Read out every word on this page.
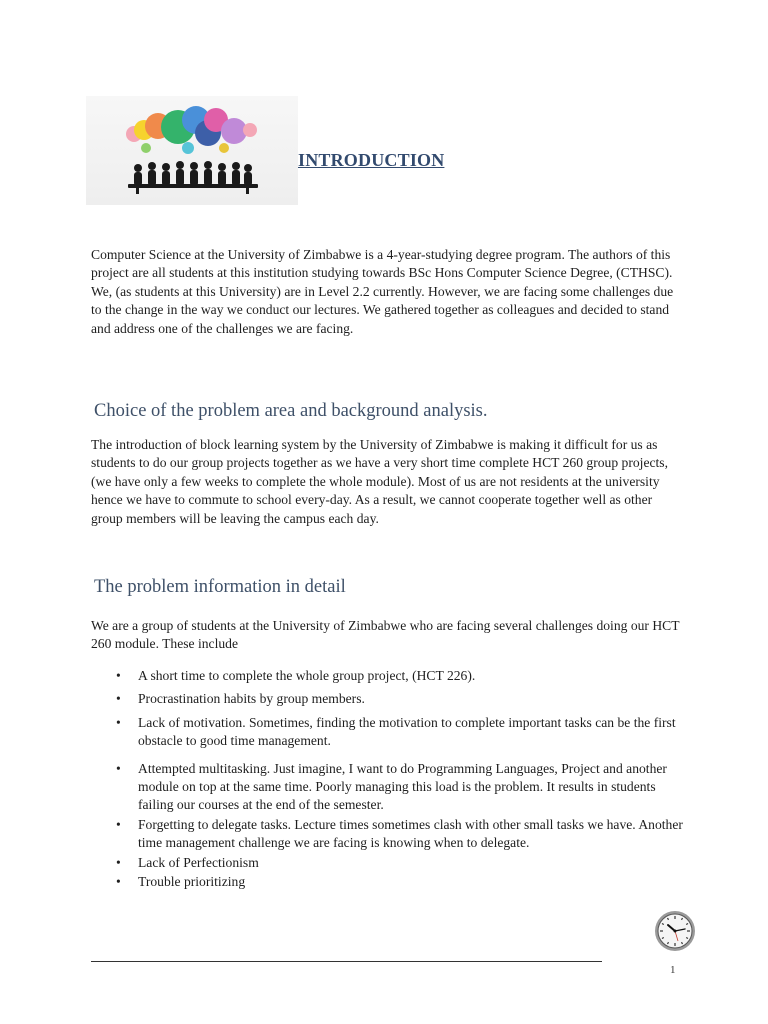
INTRODUCTION

Computer Science at the University of Zimbabwe is a 4-year-studying degree program. The authors of this project are all students at this institution studying towards BSc Hons Computer Science Degree, (CTHSC). We, (as students at this University) are in Level 2.2 currently. However, we are facing some challenges due to the change in the way we conduct our lectures. We gathered together as colleagues and decided to stand and address one of the challenges we are facing.

Choice of the problem area and background analysis.

The introduction of block learning system by the University of Zimbabwe is making it difficult for us as students to do our group projects together as we have a very short time complete HCT 260 group projects, (we have only a few weeks to complete the whole module). Most of us are not residents at the university hence we have to commute to school every-day. As a result, we cannot cooperate together well as other group members will be leaving the campus each day.

The problem information in detail

We are a group of students at the University of Zimbabwe who are facing several challenges doing our HCT 260 module. These include

• A short time to complete the whole group project, (HCT 226).
• Procrastination habits by group members.
• Lack of motivation. Sometimes, finding the motivation to complete important tasks can be the first obstacle to good time management.
• Attempted multitasking. Just imagine, I want to do Programming Languages, Project and another module on top at the same time. Poorly managing this load is the problem. It results in students failing our courses at the end of the semester.
• Forgetting to delegate tasks. Lecture times sometimes clash with other small tasks we have. Another time management challenge we are facing is knowing when to delegate.
• Lack of Perfectionism
• Trouble prioritizing
1
